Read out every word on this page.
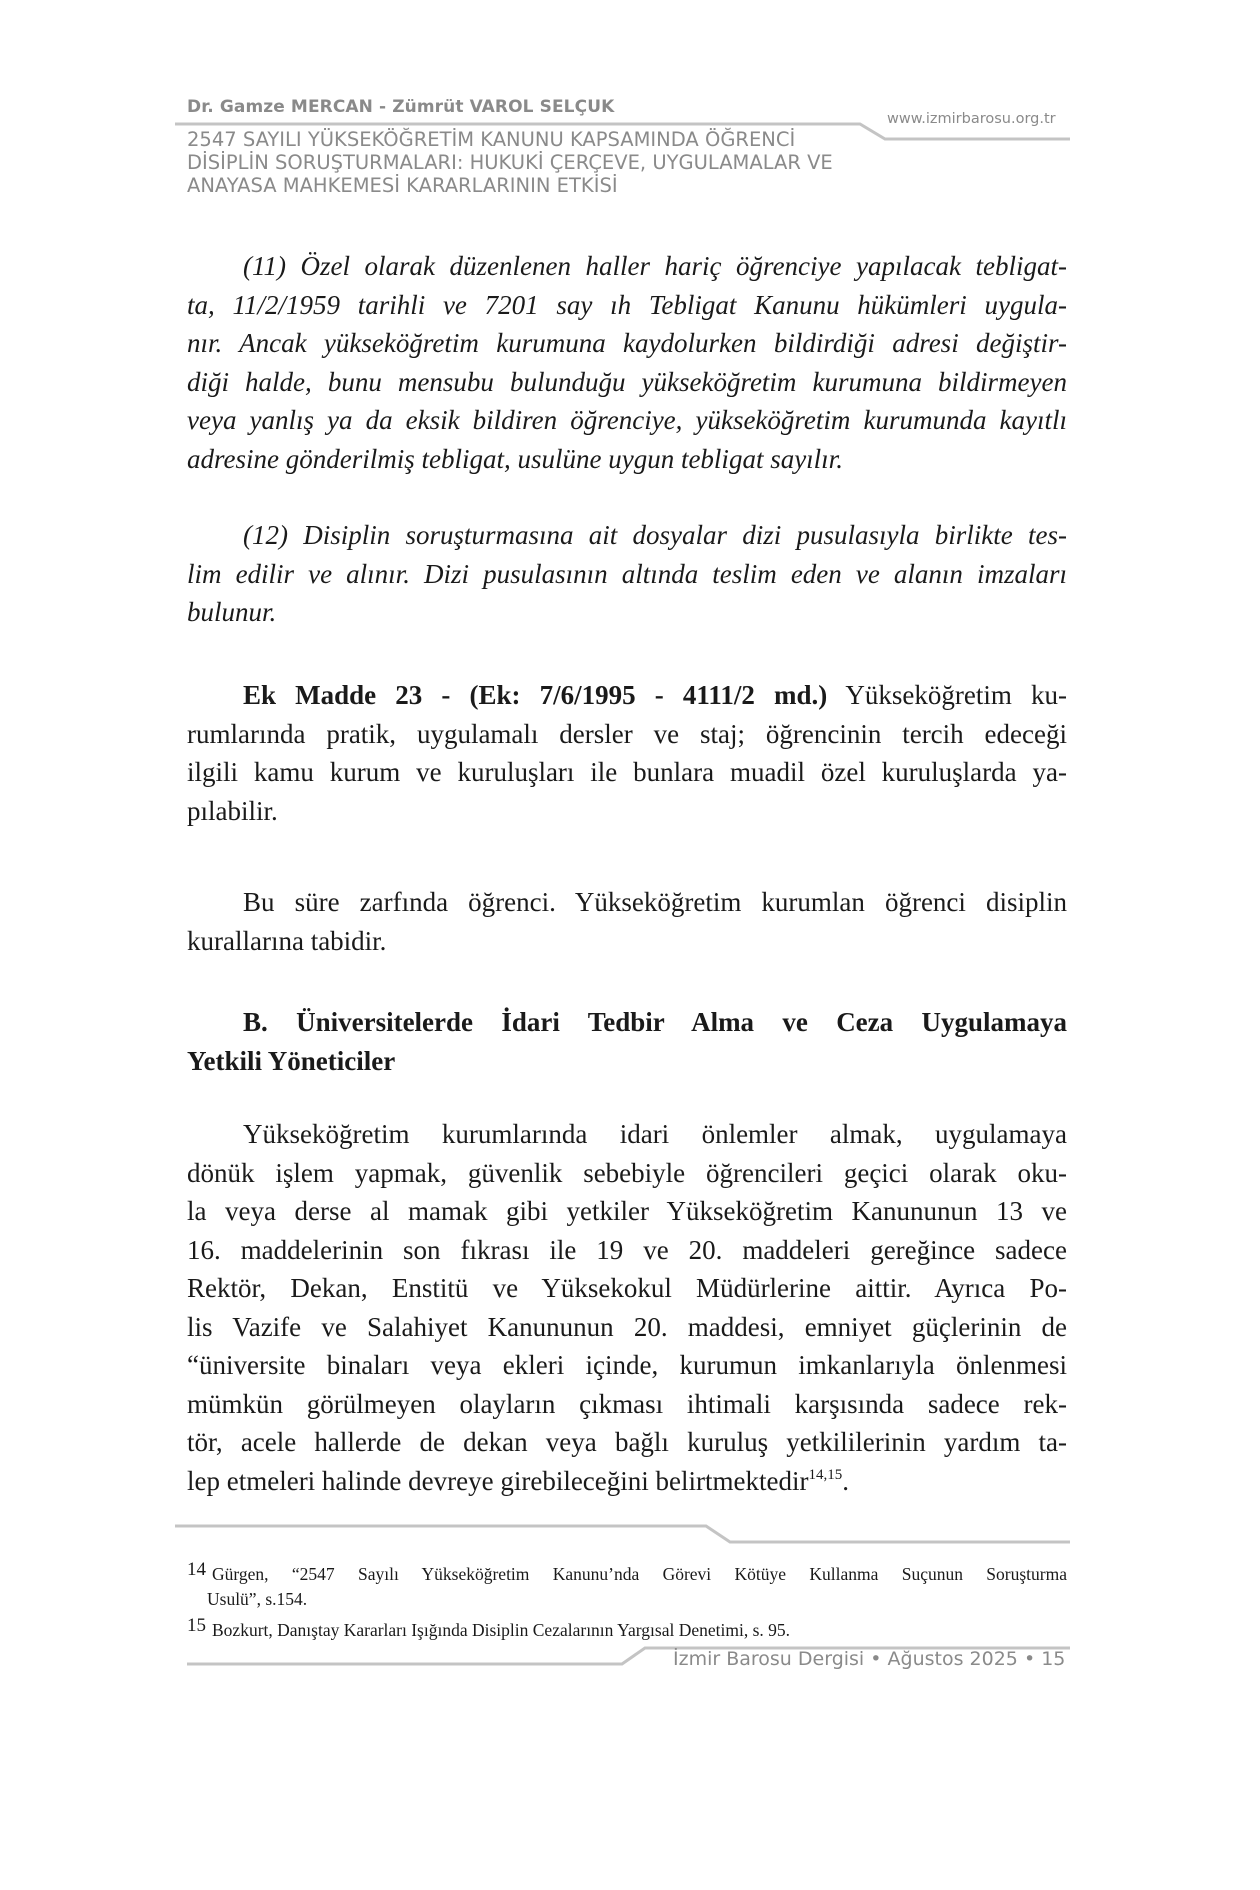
Dr. Gamze MERCAN - Zümrüt VAROL SELÇUK
2547 SAYILI YÜKSEKÖĞRETİM KANUNU KAPSAMINDA ÖĞRENCİ
DİSİPLİN SORUŞTURMALARI: HUKUKİ ÇERÇEVE, UYGULAMALAR VE
ANAYASA MAHKEMESİ KARARLARININ ETKİSİ
www.izmirbarosu.org.tr
(11) Özel olarak düzenlenen haller hariç öğrenciye yapılacak tebligat-
ta, 11/2/1959 tarihli ve 7201 say ıh Tebligat Kanunu hükümleri uygula-
nır. Ancak yükseköğretim kurumuna kaydolurken bildirdiği adresi değiştir-
diği halde, bunu mensubu bulunduğu yükseköğretim kurumuna bildirmeyen
veya yanlış ya da eksik bildiren öğrenciye, yükseköğretim kurumunda kayıtlı
adresine gönderilmiş tebligat, usulüne uygun tebligat sayılır.
(12) Disiplin soruşturmasına ait dosyalar dizi pusulasıyla birlikte tes-
lim edilir ve alınır. Dizi pusulasının altında teslim eden ve alanın imzaları
bulunur.
Ek Madde 23 - (Ek: 7/6/1995 - 4111/2 md.) Yükseköğretim ku-
rumlarında pratik, uygulamalı dersler ve staj; öğrencinin tercih edeceği
ilgili kamu kurum ve kuruluşları ile bunlara muadil özel kuruluşlarda ya-
pılabilir.
Bu süre zarfında öğrenci. Yükseköğretim kurumlan öğrenci disiplin
kurallarına tabidir.
B. Üniversitelerde İdari Tedbir Alma ve Ceza Uygulamaya
Yetkili Yöneticiler
Yükseköğretim kurumlarında idari önlemler almak, uygulamaya
dönük işlem yapmak, güvenlik sebebiyle öğrencileri geçici olarak oku-
la veya derse al mamak gibi yetkiler Yükseköğretim Kanununun 13 ve
16. maddelerinin son fıkrası ile 19 ve 20. maddeleri gereğince sadece
Rektör, Dekan, Enstitü ve Yüksekokul Müdürlerine aittir. Ayrıca Po-
lis Vazife ve Salahiyet Kanununun 20. maddesi, emniyet güçlerinin de
“üniversite binaları veya ekleri içinde, kurumun imkanlarıyla önlenmesi
mümkün görülmeyen olayların çıkması ihtimali karşısında sadece rek-
tör, acele hallerde de dekan veya bağlı kuruluş yetkililerinin yardım ta-
lep etmeleri halinde devreye girebileceğini belirtmektedir$^{14,15}$.
14 Gürgen, “2547 Sayılı Yükseköğretim Kanunu’nda Görevi Kötüye Kullanma Suçunun Soruşturma
Usulü”, s.154.
15 Bozkurt, Danıştay Kararları Işığında Disiplin Cezalarının Yargısal Denetimi, s. 95.
İzmir Barosu Dergisi • Ağustos 2025 • 15
